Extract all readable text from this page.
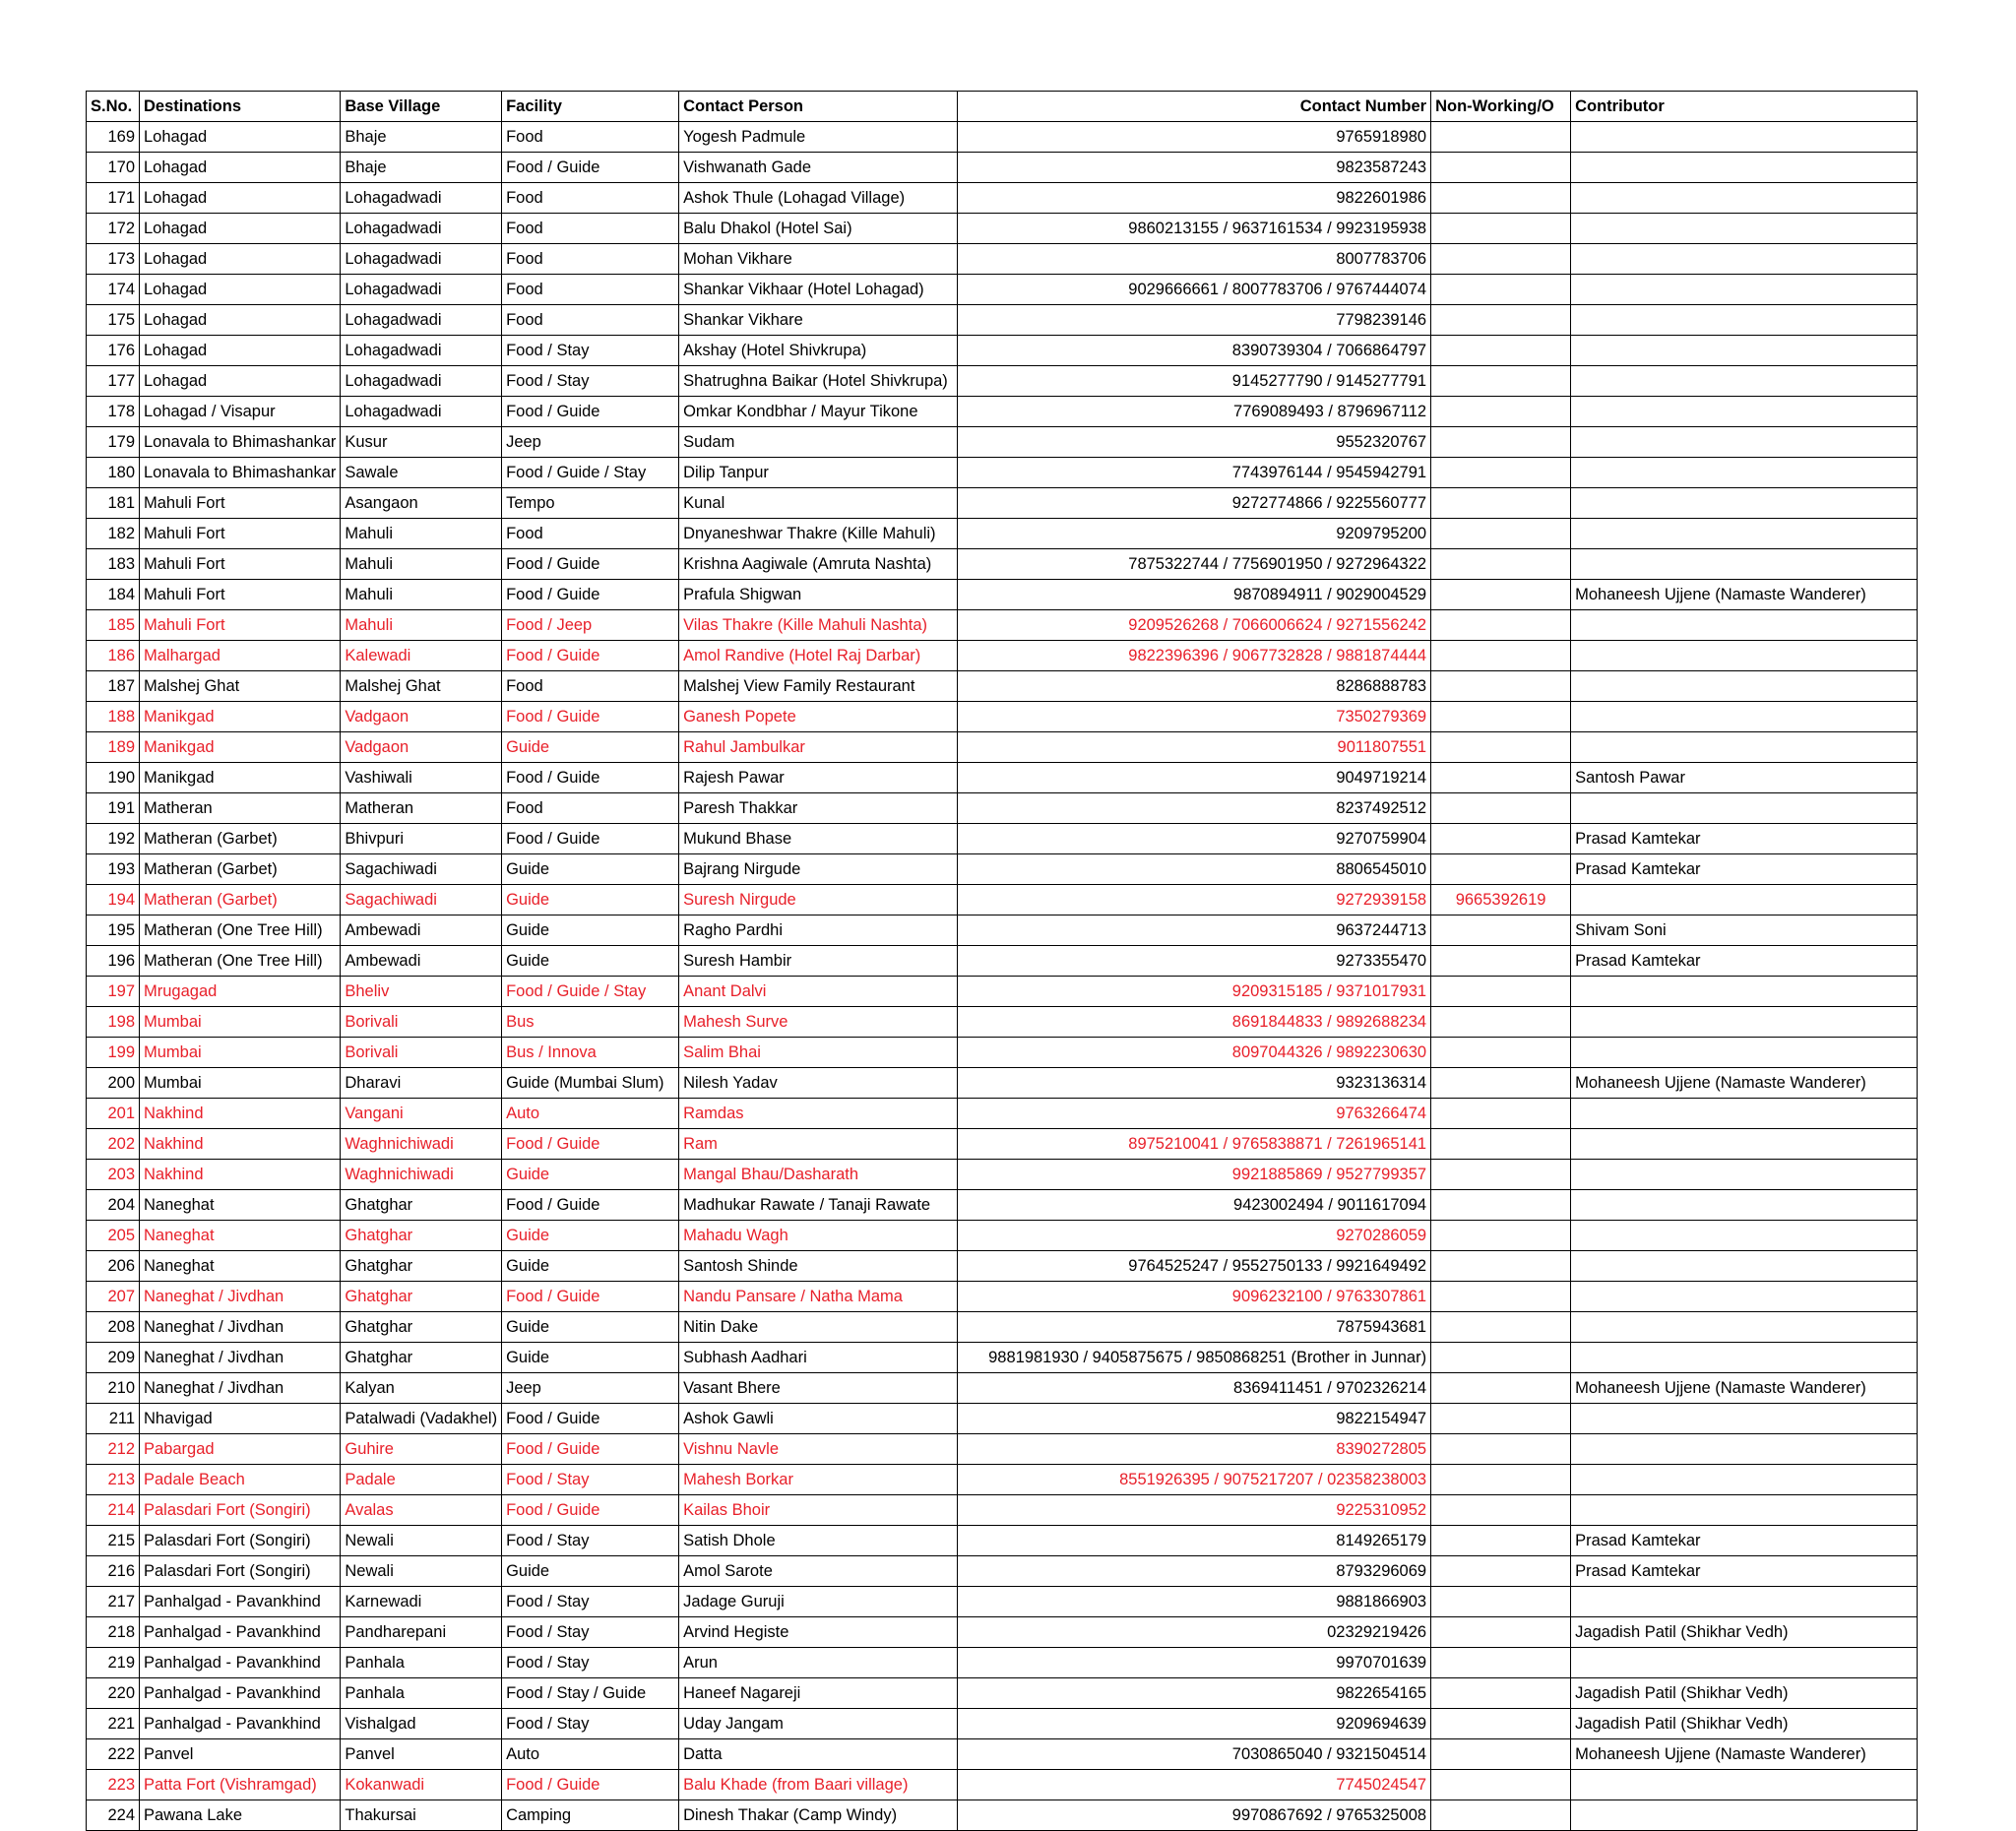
S.No.	Destinations	Base Village	Facility	Contact Person	Contact Number	Non-Working/O	Contributor
169	Lohagad	Bhaje	Food	Yogesh Padmule	9765918980		
170	Lohagad	Bhaje	Food / Guide	Vishwanath Gade	9823587243		
171	Lohagad	Lohagadwadi	Food	Ashok Thule (Lohagad Village)	9822601986		
172	Lohagad	Lohagadwadi	Food	Balu Dhakol (Hotel Sai)	9860213155 / 9637161534 / 9923195938		
173	Lohagad	Lohagadwadi	Food	Mohan Vikhare	8007783706		
174	Lohagad	Lohagadwadi	Food	Shankar Vikhaar (Hotel Lohagad)	9029666661 / 8007783706 / 9767444074		
175	Lohagad	Lohagadwadi	Food	Shankar Vikhare	7798239146		
176	Lohagad	Lohagadwadi	Food / Stay	Akshay (Hotel Shivkrupa)	8390739304 / 7066864797		
177	Lohagad	Lohagadwadi	Food / Stay	Shatrughna Baikar (Hotel Shivkrupa)	9145277790 / 9145277791		
178	Lohagad / Visapur	Lohagadwadi	Food / Guide	Omkar Kondbhar / Mayur Tikone	7769089493 / 8796967112		
179	Lonavala to Bhimashankar	Kusur	Jeep	Sudam	9552320767		
180	Lonavala to Bhimashankar	Sawale	Food / Guide / Stay	Dilip Tanpur	7743976144 / 9545942791		
181	Mahuli Fort	Asangaon	Tempo	Kunal	9272774866 / 9225560777		
182	Mahuli Fort	Mahuli	Food	Dnyaneshwar Thakre (Kille Mahuli)	9209795200		
183	Mahuli Fort	Mahuli	Food / Guide	Krishna Aagiwale (Amruta Nashta)	7875322744 / 7756901950 / 9272964322		
184	Mahuli Fort	Mahuli	Food / Guide	Prafula Shigwan	9870894911 / 9029004529		Mohaneesh Ujjene (Namaste Wanderer)
185	Mahuli Fort	Mahuli	Food / Jeep	Vilas Thakre (Kille Mahuli Nashta)	9209526268 / 7066006624 / 9271556242		
186	Malhargad	Kalewadi	Food / Guide	Amol Randive (Hotel Raj Darbar)	9822396396 / 9067732828 / 9881874444		
187	Malshej Ghat	Malshej Ghat	Food	Malshej View Family Restaurant	8286888783		
188	Manikgad	Vadgaon	Food / Guide	Ganesh Popete	7350279369		
189	Manikgad	Vadgaon	Guide	Rahul Jambulkar	9011807551		
190	Manikgad	Vashiwali	Food / Guide	Rajesh Pawar	9049719214		Santosh Pawar
191	Matheran	Matheran	Food	Paresh Thakkar	8237492512		
192	Matheran (Garbet)	Bhivpuri	Food / Guide	Mukund Bhase	9270759904		Prasad Kamtekar
193	Matheran (Garbet)	Sagachiwadi	Guide	Bajrang Nirgude	8806545010		Prasad Kamtekar
194	Matheran (Garbet)	Sagachiwadi	Guide	Suresh Nirgude	9272939158	9665392619	
195	Matheran (One Tree Hill)	Ambewadi	Guide	Ragho Pardhi	9637244713		Shivam Soni
196	Matheran (One Tree Hill)	Ambewadi	Guide	Suresh Hambir	9273355470		Prasad Kamtekar
197	Mrugagad	Bheliv	Food / Guide / Stay	Anant Dalvi	9209315185 / 9371017931		
198	Mumbai	Borivali	Bus	Mahesh Surve	8691844833 / 9892688234		
199	Mumbai	Borivali	Bus / Innova	Salim Bhai	8097044326 / 9892230630		
200	Mumbai	Dharavi	Guide (Mumbai Slum)	Nilesh Yadav	9323136314		Mohaneesh Ujjene (Namaste Wanderer)
201	Nakhind	Vangani	Auto	Ramdas	9763266474		
202	Nakhind	Waghnichiwadi	Food / Guide	Ram	8975210041 / 9765838871 / 7261965141		
203	Nakhind	Waghnichiwadi	Guide	Mangal Bhau/Dasharath	9921885869 / 9527799357		
204	Naneghat	Ghatghar	Food / Guide	Madhukar Rawate / Tanaji Rawate	9423002494 / 9011617094		
205	Naneghat	Ghatghar	Guide	Mahadu Wagh	9270286059		
206	Naneghat	Ghatghar	Guide	Santosh Shinde	9764525247 / 9552750133 / 9921649492		
207	Naneghat / Jivdhan	Ghatghar	Food / Guide	Nandu Pansare / Natha Mama	9096232100 / 9763307861		
208	Naneghat / Jivdhan	Ghatghar	Guide	Nitin Dake	7875943681		
209	Naneghat / Jivdhan	Ghatghar	Guide	Subhash Aadhari	9881981930 / 9405875675 / 9850868251 (Brother in Junnar)		
210	Naneghat / Jivdhan	Kalyan	Jeep	Vasant Bhere	8369411451 / 9702326214		Mohaneesh Ujjene (Namaste Wanderer)
211	Nhavigad	Patalwadi (Vadakhel)	Food / Guide	Ashok Gawli	9822154947		
212	Pabargad	Guhire	Food / Guide	Vishnu Navle	8390272805		
213	Padale Beach	Padale	Food / Stay	Mahesh Borkar	8551926395 / 9075217207 / 02358238003		
214	Palasdari Fort (Songiri)	Avalas	Food / Guide	Kailas Bhoir	9225310952		
215	Palasdari Fort (Songiri)	Newali	Food / Stay	Satish Dhole	8149265179		Prasad Kamtekar
216	Palasdari Fort (Songiri)	Newali	Guide	Amol Sarote	8793296069		Prasad Kamtekar
217	Panhalgad - Pavankhind	Karnewadi	Food / Stay	Jadage Guruji	9881866903		
218	Panhalgad - Pavankhind	Pandharepani	Food / Stay	Arvind Hegiste	02329219426		Jagadish Patil (Shikhar Vedh)
219	Panhalgad - Pavankhind	Panhala	Food / Stay	Arun	9970701639		
220	Panhalgad - Pavankhind	Panhala	Food / Stay / Guide	Haneef Nagareji	9822654165		Jagadish Patil (Shikhar Vedh)
221	Panhalgad - Pavankhind	Vishalgad	Food / Stay	Uday Jangam	9209694639		Jagadish Patil (Shikhar Vedh)
222	Panvel	Panvel	Auto	Datta	7030865040 / 9321504514		Mohaneesh Ujjene (Namaste Wanderer)
223	Patta Fort (Vishramgad)	Kokanwadi	Food / Guide	Balu Khade (from Baari village)	7745024547		
224	Pawana Lake	Thakursai	Camping	Dinesh Thakar (Camp Windy)	9970867692 / 9765325008		
